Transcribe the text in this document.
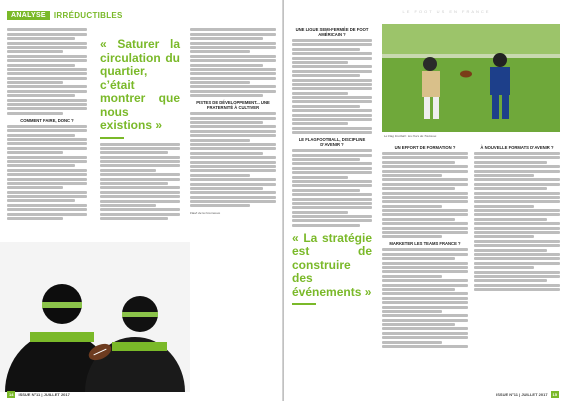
ANALYSE	IRRÉDUCTIBLES
COMMENT FAIRE, DONC ?
« Saturer la circulation du quartier, c’était montrer que nous existions »
PISTES DE DÉVELOPPEMENT... UNE FRATERNITÉ À CULTIVER
Flash de la Courneuve
14	ISSUE N°11 | JUILLET 2017
LE FOOT US EN FRANCE
UNE LIGUE SEMI-FERMÉE DE FOOT AMÉRICAIN ?
LE FLAGFOOTBALL, DISCIPLINE D’AVENIR ?
« La stratégie est de construire des événements »
Le Flag Football : les Ours de Toulouse
UN EFFORT DE FORMATION ?
MARKETER LES TEAMS FRANCE ?
À NOUVELLE FORMATS D’AVENIR ?
ISSUE N°11 | JUILLET 2017	15
